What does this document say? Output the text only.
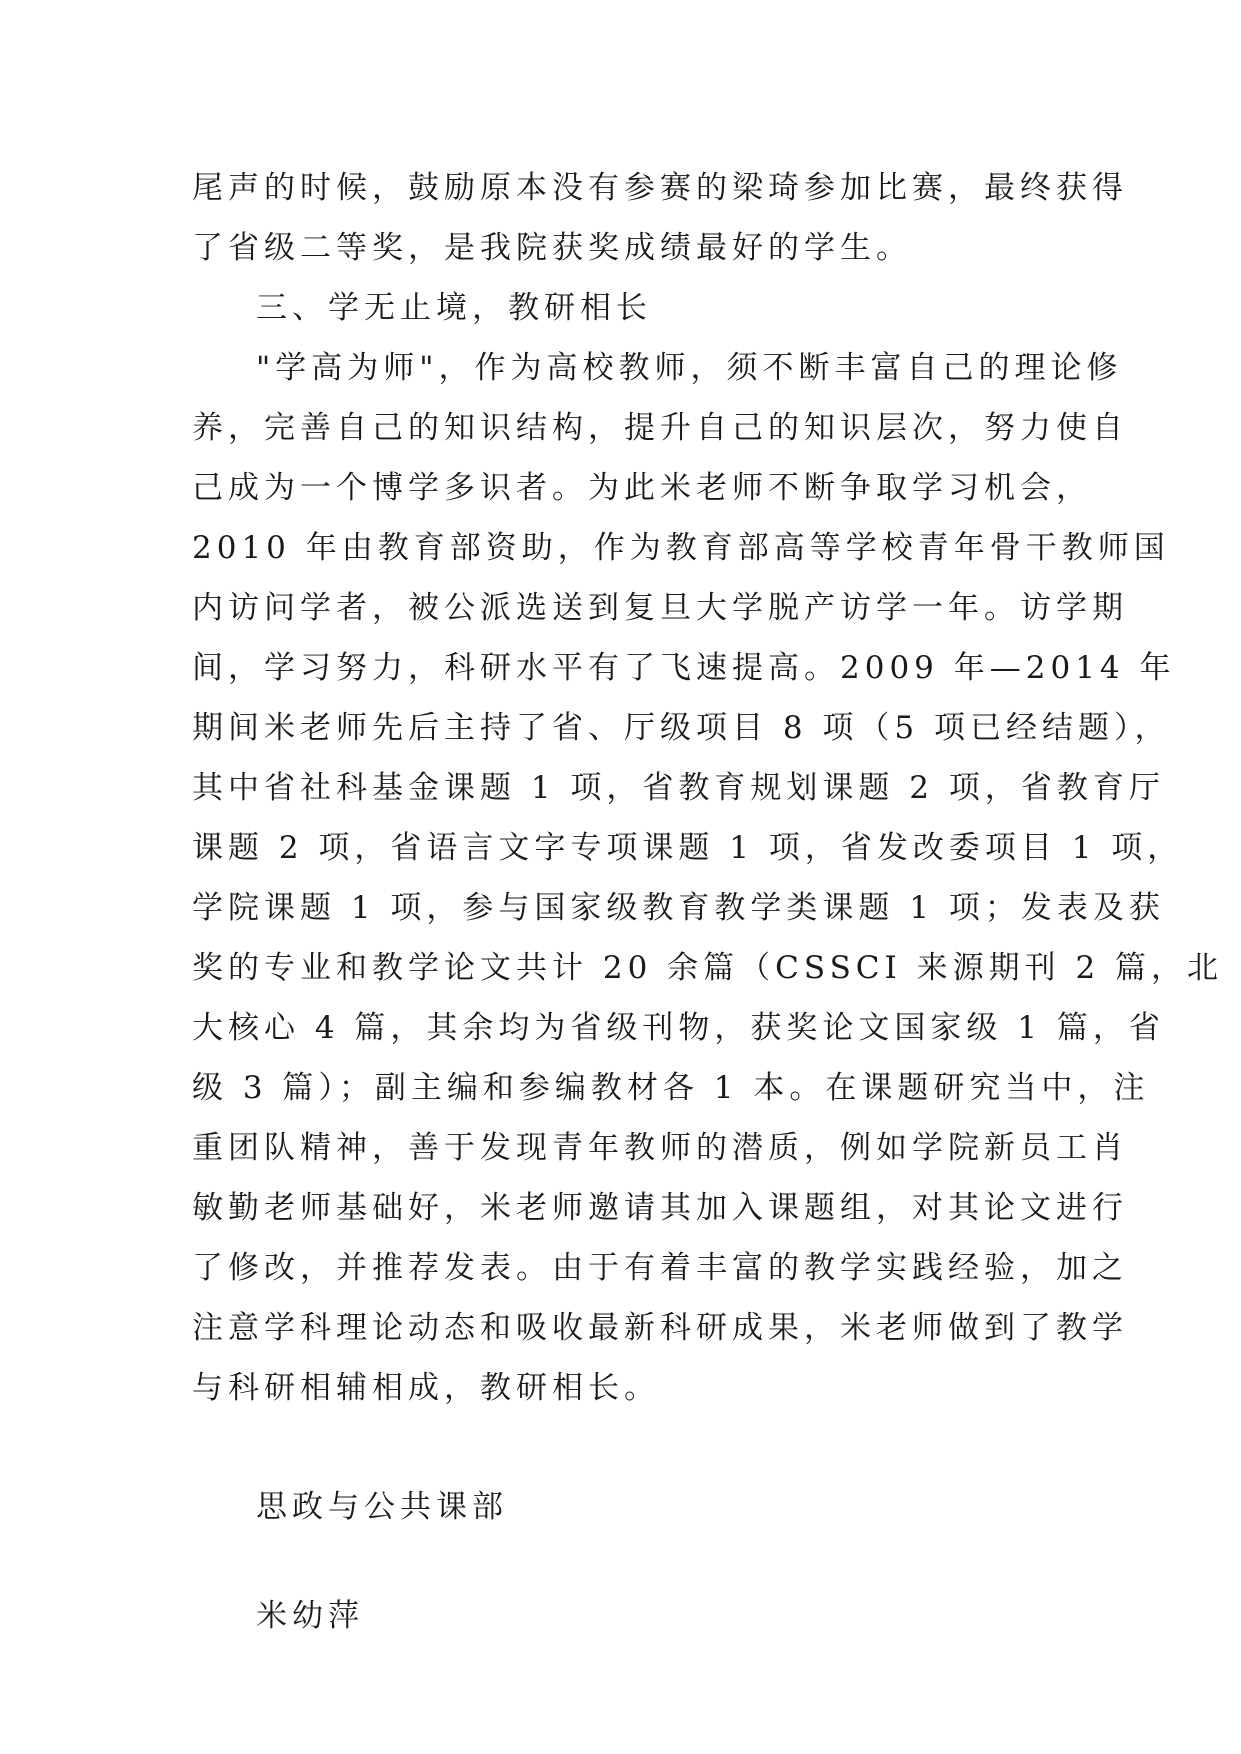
尾声的时候，鼓励原本没有参赛的梁琦参加比赛，最终获得

了省级二等奖，是我院获奖成绩最好的学生。

三、学无止境，教研相长

"学高为师"，作为高校教师，须不断丰富自己的理论修

养，完善自己的知识结构，提升自己的知识层次，努力使自

己成为一个博学多识者。为此米老师不断争取学习机会，

2010 年由教育部资助，作为教育部高等学校青年骨干教师国

内访问学者，被公派选送到复旦大学脱产访学一年。访学期

间，学习努力，科研水平有了飞速提高。2009 年—2014 年

期间米老师先后主持了省、厅级项目 8 项（5 项已经结题），

其中省社科基金课题 1 项，省教育规划课题 2 项，省教育厅

课题 2 项，省语言文字专项课题 1 项，省发改委项目 1 项，

学院课题 1 项，参与国家级教育教学类课题 1 项；发表及获

奖的专业和教学论文共计 20 余篇（CSSCI 来源期刊 2 篇，北

大核心 4 篇，其余均为省级刊物，获奖论文国家级 1 篇，省

级 3 篇）；副主编和参编教材各 1 本。在课题研究当中，注

重团队精神，善于发现青年教师的潜质，例如学院新员工肖

敏勤老师基础好，米老师邀请其加入课题组，对其论文进行

了修改，并推荐发表。由于有着丰富的教学实践经验，加之

注意学科理论动态和吸收最新科研成果，米老师做到了教学

与科研相辅相成，教研相长。

思政与公共课部

米幼萍
